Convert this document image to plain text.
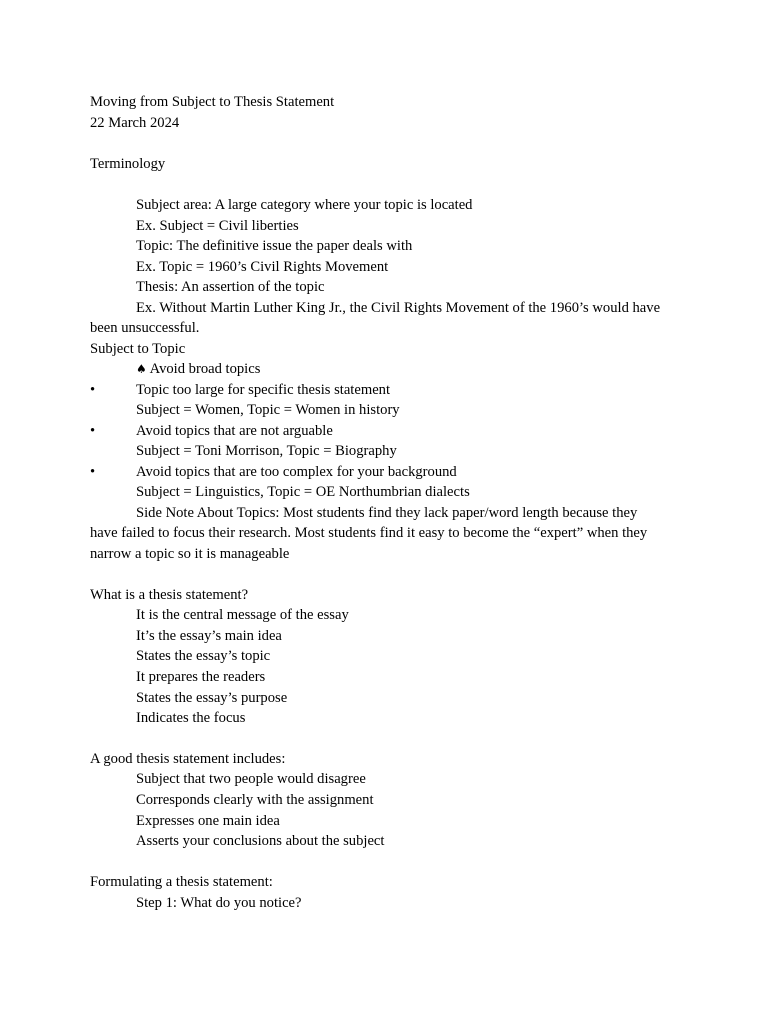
Moving from Subject to Thesis Statement
22 March 2024
Terminology
Subject area: A large category where your topic is located
Ex. Subject = Civil liberties
Topic: The definitive issue the paper deals with
Ex. Topic = 1960’s Civil Rights Movement
Thesis: An assertion of the topic
Ex. Without Martin Luther King Jr., the Civil Rights Movement of the 1960’s would have
been unsuccessful.
Subject to Topic
♠ Avoid broad topics
•	Topic too large for specific thesis statement
Subject = Women, Topic = Women in history
•	Avoid topics that are not arguable
Subject = Toni Morrison, Topic = Biography
•	Avoid topics that are too complex for your background
Subject = Linguistics, Topic = OE Northumbrian dialects
Side Note About Topics: Most students find they lack paper/word length because they
have failed to focus their research. Most students find it easy to become the “expert” when they
narrow a topic so it is manageable
What is a thesis statement?
It is the central message of the essay
It’s the essay’s main idea
States the essay’s topic
It prepares the readers
States the essay’s purpose
Indicates the focus
A good thesis statement includes:
Subject that two people would disagree
Corresponds clearly with the assignment
Expresses one main idea
Asserts your conclusions about the subject
Formulating a thesis statement:
Step 1: What do you notice?
